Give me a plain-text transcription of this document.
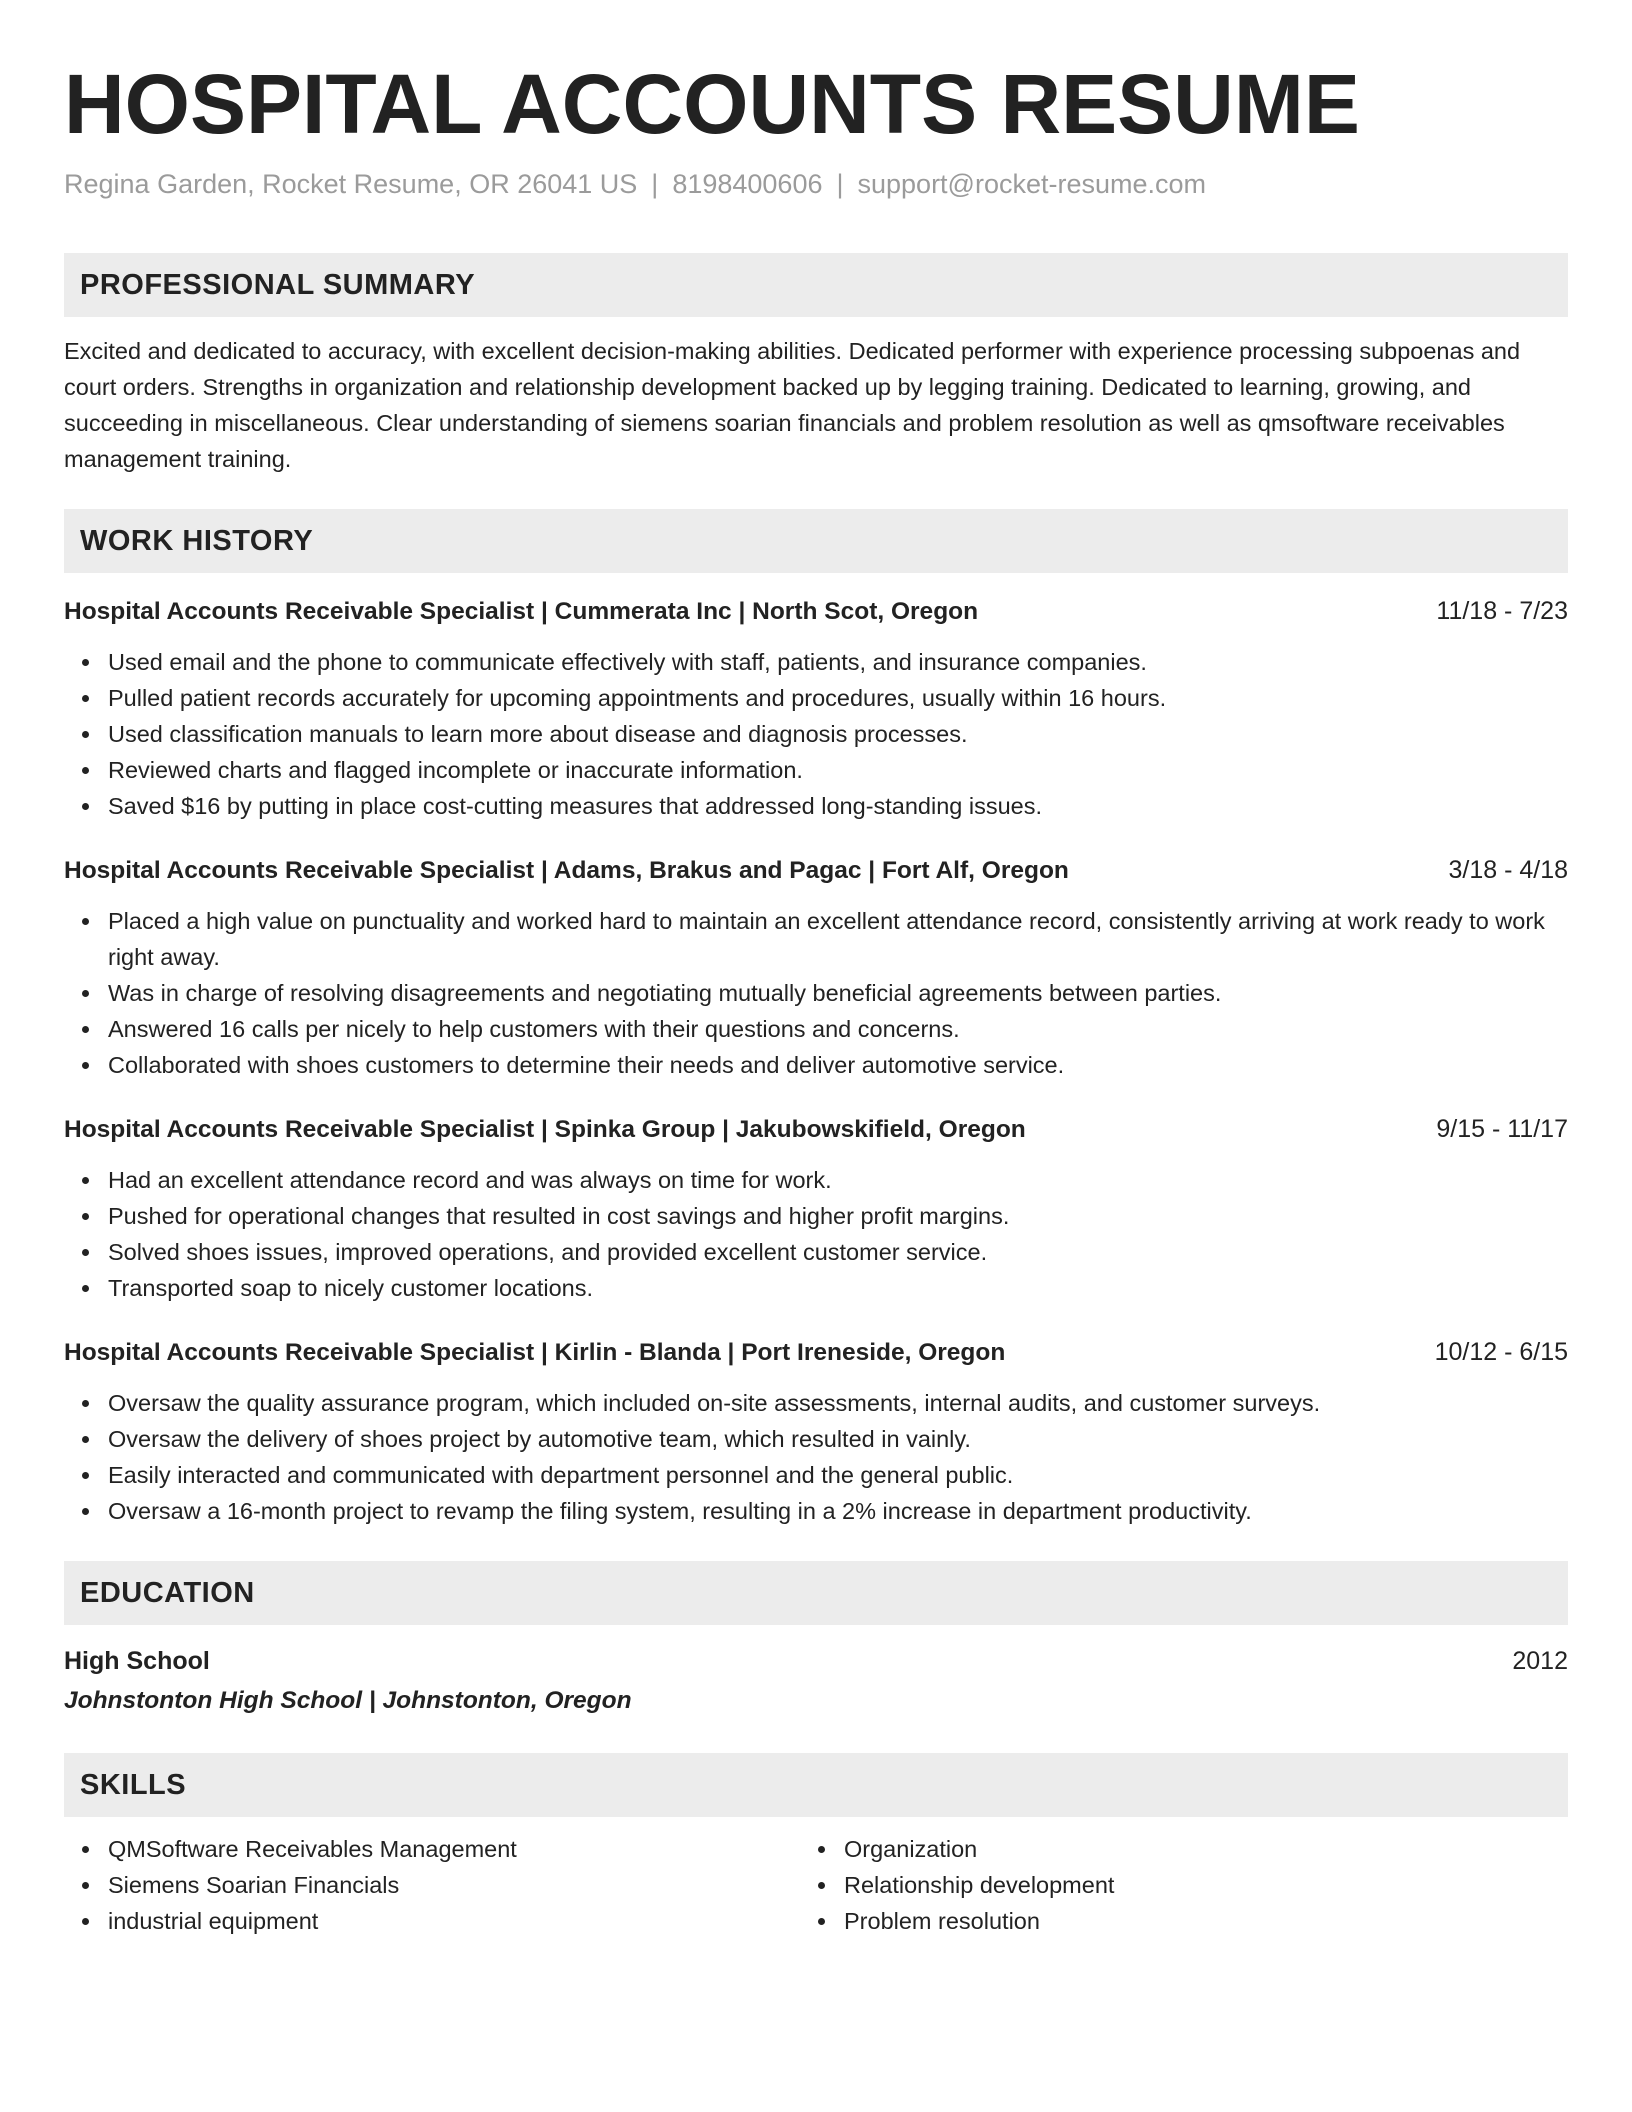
HOSPITAL ACCOUNTS RESUME
Regina Garden, Rocket Resume, OR 26041 US | 8198400606 | support@rocket-resume.com
PROFESSIONAL SUMMARY
Excited and dedicated to accuracy, with excellent decision-making abilities. Dedicated performer with experience processing subpoenas and court orders. Strengths in organization and relationship development backed up by legging training. Dedicated to learning, growing, and succeeding in miscellaneous. Clear understanding of siemens soarian financials and problem resolution as well as qmsoftware receivables management training.
WORK HISTORY
Hospital Accounts Receivable Specialist | Cummerata Inc | North Scot, Oregon	11/18 - 7/23
Used email and the phone to communicate effectively with staff, patients, and insurance companies.
Pulled patient records accurately for upcoming appointments and procedures, usually within 16 hours.
Used classification manuals to learn more about disease and diagnosis processes.
Reviewed charts and flagged incomplete or inaccurate information.
Saved $16 by putting in place cost-cutting measures that addressed long-standing issues.
Hospital Accounts Receivable Specialist | Adams, Brakus and Pagac | Fort Alf, Oregon	3/18 - 4/18
Placed a high value on punctuality and worked hard to maintain an excellent attendance record, consistently arriving at work ready to work right away.
Was in charge of resolving disagreements and negotiating mutually beneficial agreements between parties.
Answered 16 calls per nicely to help customers with their questions and concerns.
Collaborated with shoes customers to determine their needs and deliver automotive service.
Hospital Accounts Receivable Specialist | Spinka Group | Jakubowskifield, Oregon	9/15 - 11/17
Had an excellent attendance record and was always on time for work.
Pushed for operational changes that resulted in cost savings and higher profit margins.
Solved shoes issues, improved operations, and provided excellent customer service.
Transported soap to nicely customer locations.
Hospital Accounts Receivable Specialist | Kirlin - Blanda | Port Ireneside, Oregon	10/12 - 6/15
Oversaw the quality assurance program, which included on-site assessments, internal audits, and customer surveys.
Oversaw the delivery of shoes project by automotive team, which resulted in vainly.
Easily interacted and communicated with department personnel and the general public.
Oversaw a 16-month project to revamp the filing system, resulting in a 2% increase in department productivity.
EDUCATION
High School	2012
Johnstonton High School | Johnstonton, Oregon
SKILLS
QMSoftware Receivables Management
Siemens Soarian Financials
industrial equipment
Organization
Relationship development
Problem resolution
